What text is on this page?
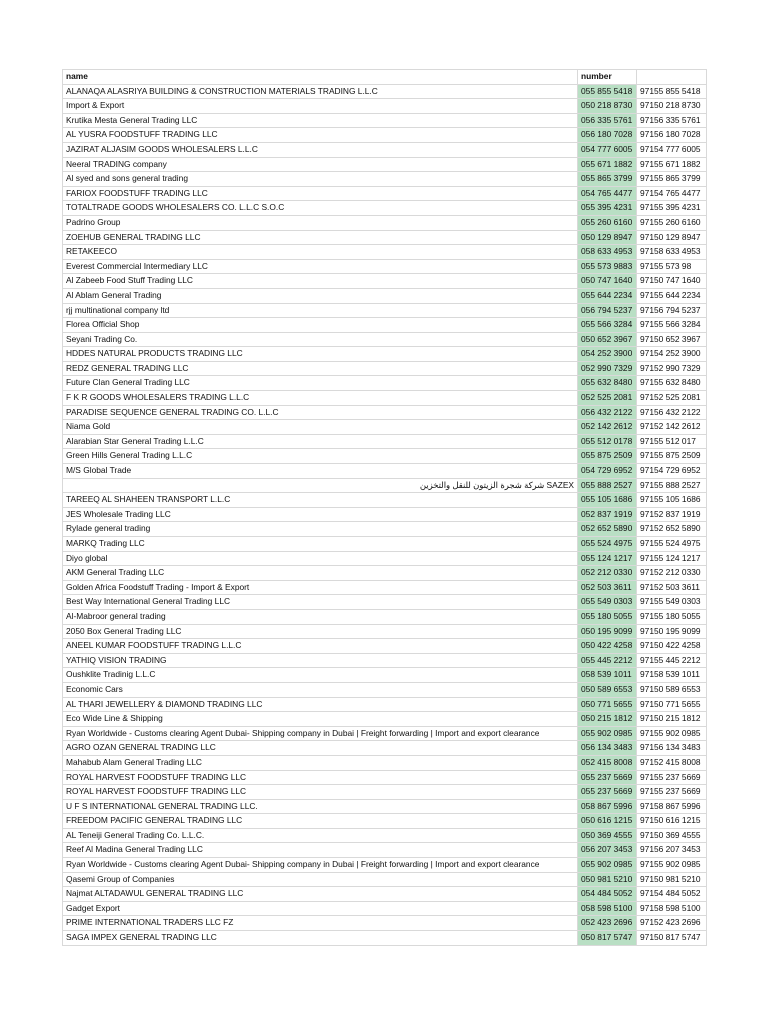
name	number	
ALANAQA ALASRIYA BUILDING & CONSTRUCTION MATERIALS TRADING L.L.C	055 855 5418	97155 855 5418
Import & Export	050 218 8730	97150 218 8730
Krutika Mesta General Trading LLC	056 335 5761	97156 335 5761
AL YUSRA FOODSTUFF TRADING LLC	056 180 7028	97156 180 7028
JAZIRAT ALJASIM GOODS WHOLESALERS L.L.C	054 777 6005	97154 777 6005
Neeral TRADING company	055 671 1882	97155 671 1882
Al syed and sons general trading	055 865 3799	97155 865 3799
FARIOX FOODSTUFF TRADING LLC	054 765 4477	97154 765 4477
TOTALTRADE GOODS WHOLESALERS CO. L.L.C S.O.C	055 395 4231	97155 395 4231
Padrino Group	055 260 6160	97155 260 6160
ZOEHUB GENERAL TRADING LLC	050 129 8947	97150 129 8947
RETAKEECO	058 633 4953	97158 633 4953
Everest Commercial Intermediary LLC	055 573 9883	97155 573 98
Al Zabeeb Food Stuff Trading LLC	050 747 1640	97150 747 1640
Al Ablam General Trading	055 644 2234	97155 644 2234
rjj multinational company ltd	056 794 5237	97156 794 5237
Florea Official Shop	055 566 3284	97155 566 3284
Seyani Trading Co.	050 652 3967	97150 652 3967
HDDES NATURAL PRODUCTS TRADING LLC	054 252 3900	97154 252 3900
REDZ GENERAL TRADING LLC	052 990 7329	97152 990 7329
Future Clan General Trading LLC	055 632 8480	97155 632 8480
F K R GOODS WHOLESALERS TRADING L.L.C	052 525 2081	97152 525 2081
PARADISE SEQUENCE GENERAL TRADING CO. L.L.C	056 432 2122	97156 432 2122
Niama Gold	052 142 2612	97152 142 2612
Alarabian Star General Trading L.L.C	055 512 0178	97155 512 017
Green Hills General Trading L.L.C	055 875 2509	97155 875 2509
M/S Global Trade	054 729 6952	97154 729 6952
SAZEX شركة شجرة الزيتون للنقل والتخزين	055 888 2527	97155 888 2527
TAREEQ AL SHAHEEN TRANSPORT L.L.C	055 105 1686	97155 105 1686
JES Wholesale Trading LLC	052 837 1919	97152 837 1919
Rylade general trading	052 652 5890	97152 652 5890
MARKQ Trading LLC	055 524 4975	97155 524 4975
Diyo global	055 124 1217	97155 124 1217
AKM General Trading LLC	052 212 0330	97152 212 0330
Golden Africa Foodstuff Trading - Import & Export	052 503 3611	97152 503 3611
Best Way International General Trading LLC	055 549 0303	97155 549 0303
Al-Mabroor general trading	055 180 5055	97155 180 5055
2050 Box General Trading LLC	050 195 9099	97150 195 9099
ANEEL KUMAR FOODSTUFF TRADING L.L.C	050 422 4258	97150 422 4258
YATHIQ VISION TRADING	055 445 2212	97155 445 2212
Oushklite Tradinig L.L.C	058 539 1011	97158 539 1011
Economic Cars	050 589 6553	97150 589 6553
AL THARI JEWELLERY & DIAMOND TRADING LLC	050 771 5655	97150 771 5655
Eco Wide Line & Shipping	050 215 1812	97150 215 1812
Ryan Worldwide - Customs clearing Agent Dubai- Shipping company in Dubai | Freight forwarding | Import and export clearance	055 902 0985	97155 902 0985
AGRO OZAN GENERAL TRADING LLC	056 134 3483	97156 134 3483
Mahabub Alam General Trading LLC	052 415 8008	97152 415 8008
ROYAL HARVEST FOODSTUFF TRADING LLC	055 237 5669	97155 237 5669
ROYAL HARVEST FOODSTUFF TRADING LLC	055 237 5669	97155 237 5669
U F S INTERNATIONAL GENERAL TRADING LLC.	058 867 5996	97158 867 5996
FREEDOM PACIFIC GENERAL TRADING LLC	050 616 1215	97150 616 1215
AL Teneiji General Trading Co. L.L.C.	050 369 4555	97150 369 4555
Reef Al Madina General Trading LLC	056 207 3453	97156 207 3453
Ryan Worldwide - Customs clearing Agent Dubai- Shipping company in Dubai | Freight forwarding | Import and export clearance	055 902 0985	97155 902 0985
Qasemi Group of Companies	050 981 5210	97150 981 5210
Najmat ALTADAWUL GENERAL TRADING LLC	054 484 5052	97154 484 5052
Gadget Export	058 598 5100	97158 598 5100
PRIME INTERNATIONAL TRADERS LLC FZ	052 423 2696	97152 423 2696
SAGA IMPEX GENERAL TRADING LLC	050 817 5747	97150 817 5747
